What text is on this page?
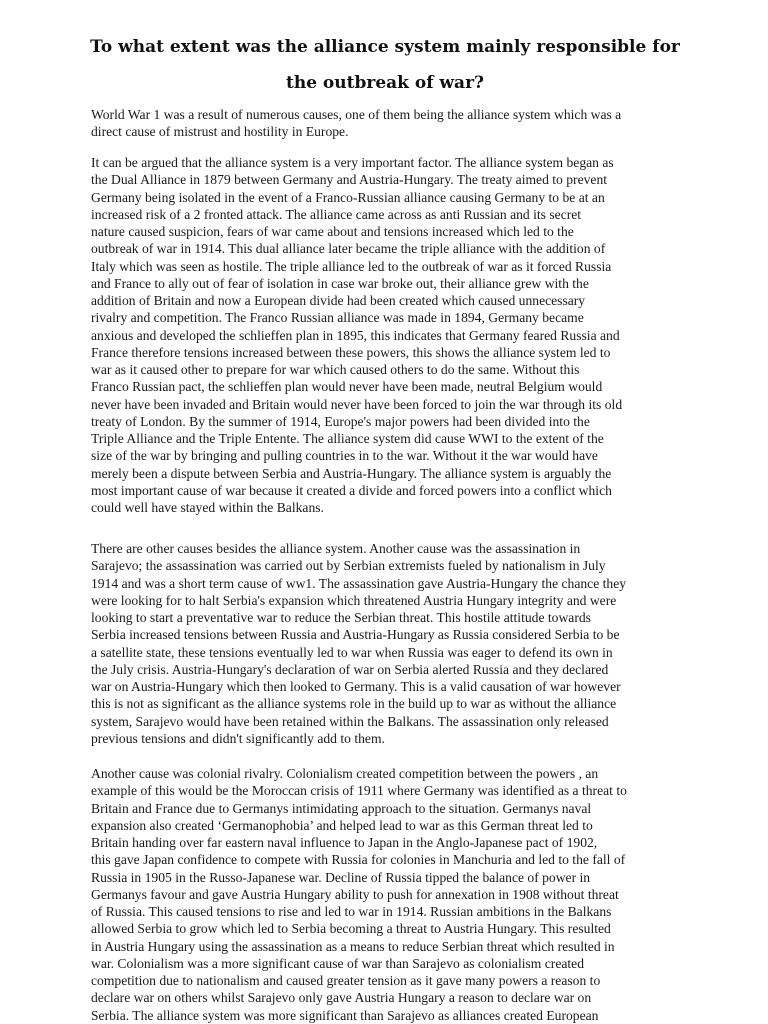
To what extent was the alliance system mainly responsible for
the outbreak of war?
World War 1 was a result of numerous causes, one of them being the alliance system which was a
direct cause of mistrust and hostility in Europe.
It can be argued that the alliance system is a very important factor. The alliance system began as
the Dual Alliance in 1879 between Germany and Austria-Hungary. The treaty aimed to prevent
Germany being isolated in the event of a Franco-Russian alliance causing Germany to be at an
increased risk of a 2 fronted attack. The alliance came across as anti Russian and its secret
nature caused suspicion, fears of war came about and tensions increased which led to the
outbreak of war in 1914. This dual alliance later became the triple alliance with the addition of
Italy which was seen as hostile. The triple alliance led to the outbreak of war as it forced Russia
and France to ally out of fear of isolation in case war broke out, their alliance grew with the
addition of Britain and now a European divide had been created which caused unnecessary
rivalry and competition. The Franco Russian alliance was made in 1894, Germany became
anxious and developed the schlieffen plan in 1895, this indicates that Germany feared Russia and
France therefore tensions increased between these powers, this shows the alliance system led to
war as it caused other to prepare for war which caused others to do the same. Without this
Franco Russian pact, the schlieffen plan would never have been made, neutral Belgium would
never have been invaded and Britain would never have been forced to join the war through its old
treaty of London. By the summer of 1914, Europe's major powers had been divided into the
Triple Alliance and the Triple Entente. The alliance system did cause WWI to the extent of the
size of the war by bringing and pulling countries in to the war. Without it the war would have
merely been a dispute between Serbia and Austria-Hungary. The alliance system is arguably the
most important cause of war because it created a divide and forced powers into a conflict which
could well have stayed within the Balkans.
There are other causes besides the alliance system. Another cause was the assassination in
Sarajevo; the assassination was carried out by Serbian extremists fueled by nationalism in July
1914 and was a short term cause of ww1. The assassination gave Austria-Hungary the chance they
were looking for to halt Serbia's expansion which threatened Austria Hungary integrity and were
looking to start a preventative war to reduce the Serbian threat. This hostile attitude towards
Serbia increased tensions between Russia and Austria-Hungary as Russia considered Serbia to be
a satellite state, these tensions eventually led to war when Russia was eager to defend its own in
the July crisis. Austria-Hungary's declaration of war on Serbia alerted Russia and they declared
war on Austria-Hungary which then looked to Germany. This is a valid causation of war however
this is not as significant as the alliance systems role in the build up to war as without the alliance
system, Sarajevo would have been retained within the Balkans. The assassination only released
previous tensions and didn't significantly add to them.
Another cause was colonial rivalry. Colonialism created competition between the powers , an
example of this would be the Moroccan crisis of 1911 where Germany was identified as a threat to
Britain and France due to Germanys intimidating approach to the situation. Germanys naval
expansion also created ‘Germanophobia’ and helped lead to war as this German threat led to
Britain handing over far eastern naval influence to Japan in the Anglo-Japanese pact of 1902,
this gave Japan confidence to compete with Russia for colonies in Manchuria and led to the fall of
Russia in 1905 in the Russo-Japanese war. Decline of Russia tipped the balance of power in
Germanys favour and gave Austria Hungary ability to push for annexation in 1908 without threat
of Russia. This caused tensions to rise and led to war in 1914. Russian ambitions in the Balkans
allowed Serbia to grow which led to Serbia becoming a threat to Austria Hungary. This resulted
in Austria Hungary using the assassination as a means to reduce Serbian threat which resulted in
war. Colonialism was a more significant cause of war than Sarajevo as colonialism created
competition due to nationalism and caused greater tension as it gave many powers a reason to
declare war on others whilst Sarajevo only gave Austria Hungary a reason to declare war on
Serbia. The alliance system was more significant than Sarajevo as alliances created European
